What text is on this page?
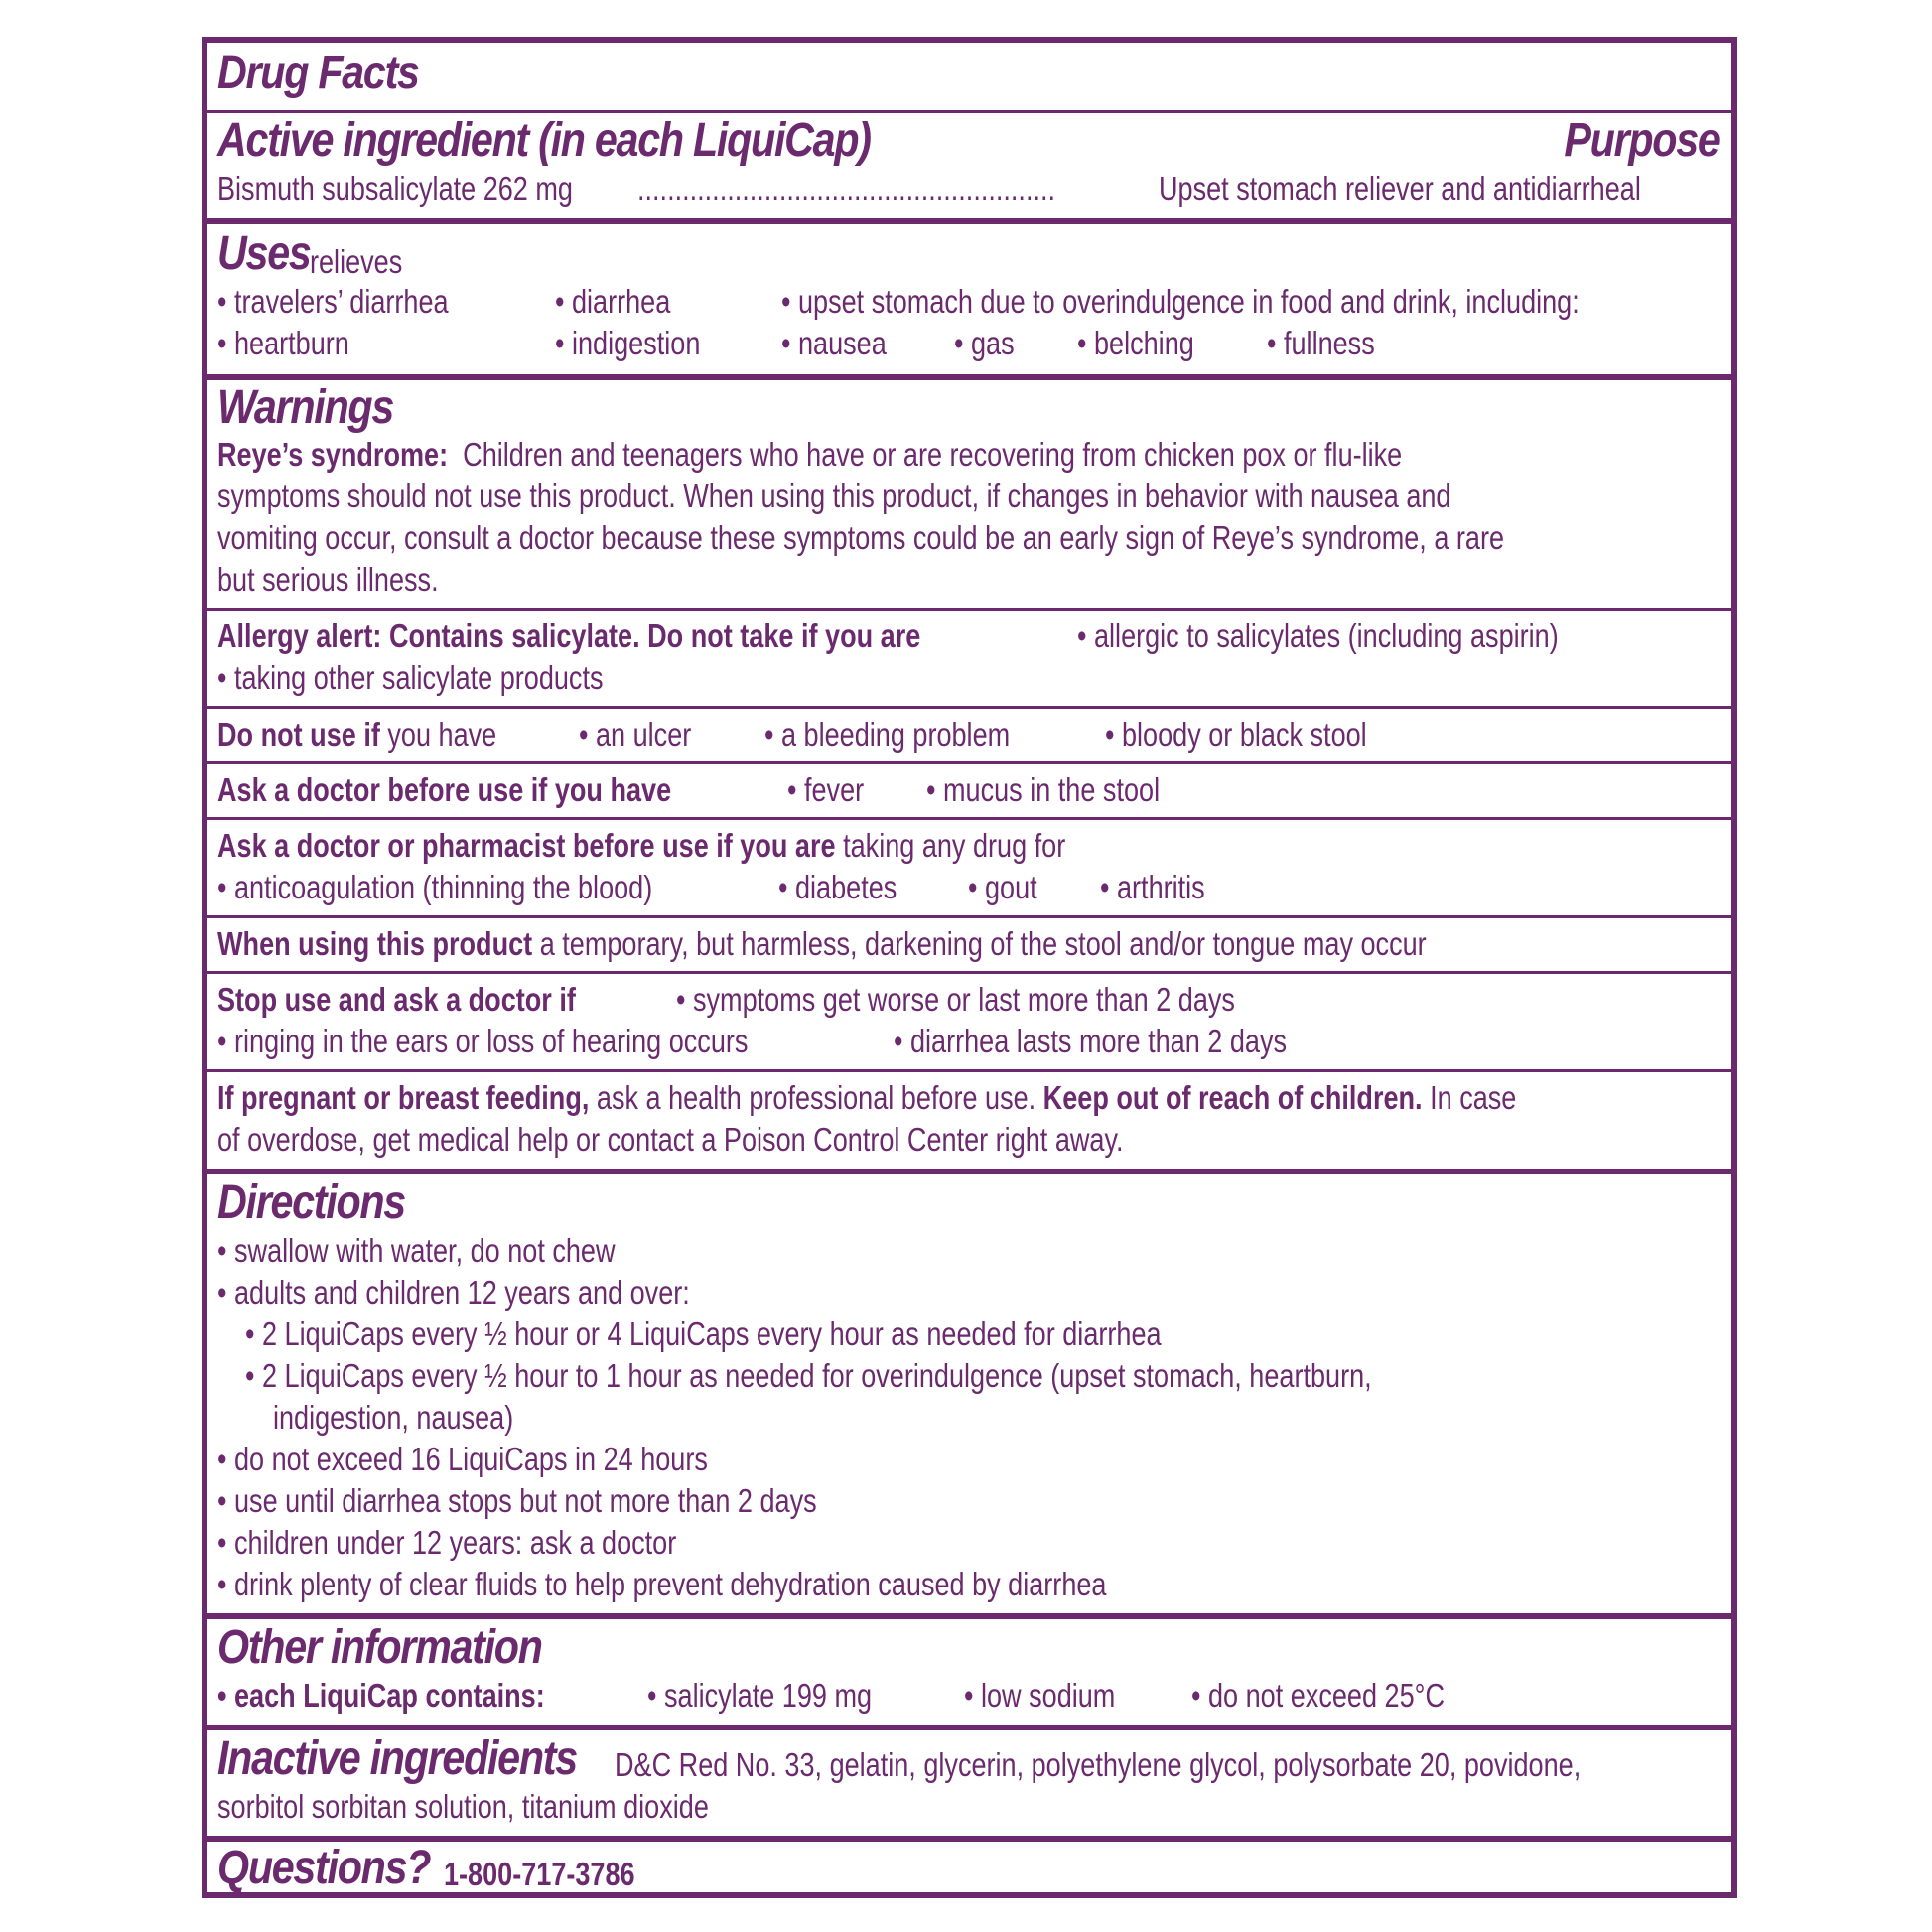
Drug Facts
Active ingredient (in each LiquiCap)	Purpose
Bismuth subsalicylate 262 mg ........................................................	Upset stomach reliever and antidiarrheal
Uses relieves
• travelers’ diarrhea	• diarrhea	• upset stomach due to overindulgence in food and drink, including:
• heartburn	• indigestion • nausea • gas • belching • fullness
Warnings
Reye’s syndrome: Children and teenagers who have or are recovering from chicken pox or flu-like
symptoms should not use this product. When using this product, if changes in behavior with nausea and
vomiting occur, consult a doctor because these symptoms could be an early sign of Reye’s syndrome, a rare
but serious illness.
Allergy alert: Contains salicylate. Do not take if you are	• allergic to salicylates (including aspirin)
• taking other salicylate products
Do not use if you have	• an ulcer • a bleeding problem	• bloody or black stool
Ask a doctor before use if you have	• fever • mucus in the stool
Ask a doctor or pharmacist before use if you are taking any drug for
• anticoagulation (thinning the blood)	• diabetes • gout • arthritis
When using this product a temporary, but harmless, darkening of the stool and/or tongue may occur
Stop use and ask a doctor if	• symptoms get worse or last more than 2 days
• ringing in the ears or loss of hearing occurs	• diarrhea lasts more than 2 days
If pregnant or breast feeding, ask a health professional before use. Keep out of reach of children. In case
of overdose, get medical help or contact a Poison Control Center right away.
Directions
• swallow with water, do not chew
• adults and children 12 years and over:
• 2 LiquiCaps every ½ hour or 4 LiquiCaps every hour as needed for diarrhea
• 2 LiquiCaps every ½ hour to 1 hour as needed for overindulgence (upset stomach, heartburn,
indigestion, nausea)
• do not exceed 16 LiquiCaps in 24 hours
• use until diarrhea stops but not more than 2 days
• children under 12 years: ask a doctor
• drink plenty of clear fluids to help prevent dehydration caused by diarrhea
Other information
• each LiquiCap contains:	• salicylate 199 mg	• low sodium • do not exceed 25°C
Inactive ingredients	D&C Red No. 33, gelatin, glycerin, polyethylene glycol, polysorbate 20, povidone,
sorbitol sorbitan solution, titanium dioxide
Questions? 1-800-717-3786
